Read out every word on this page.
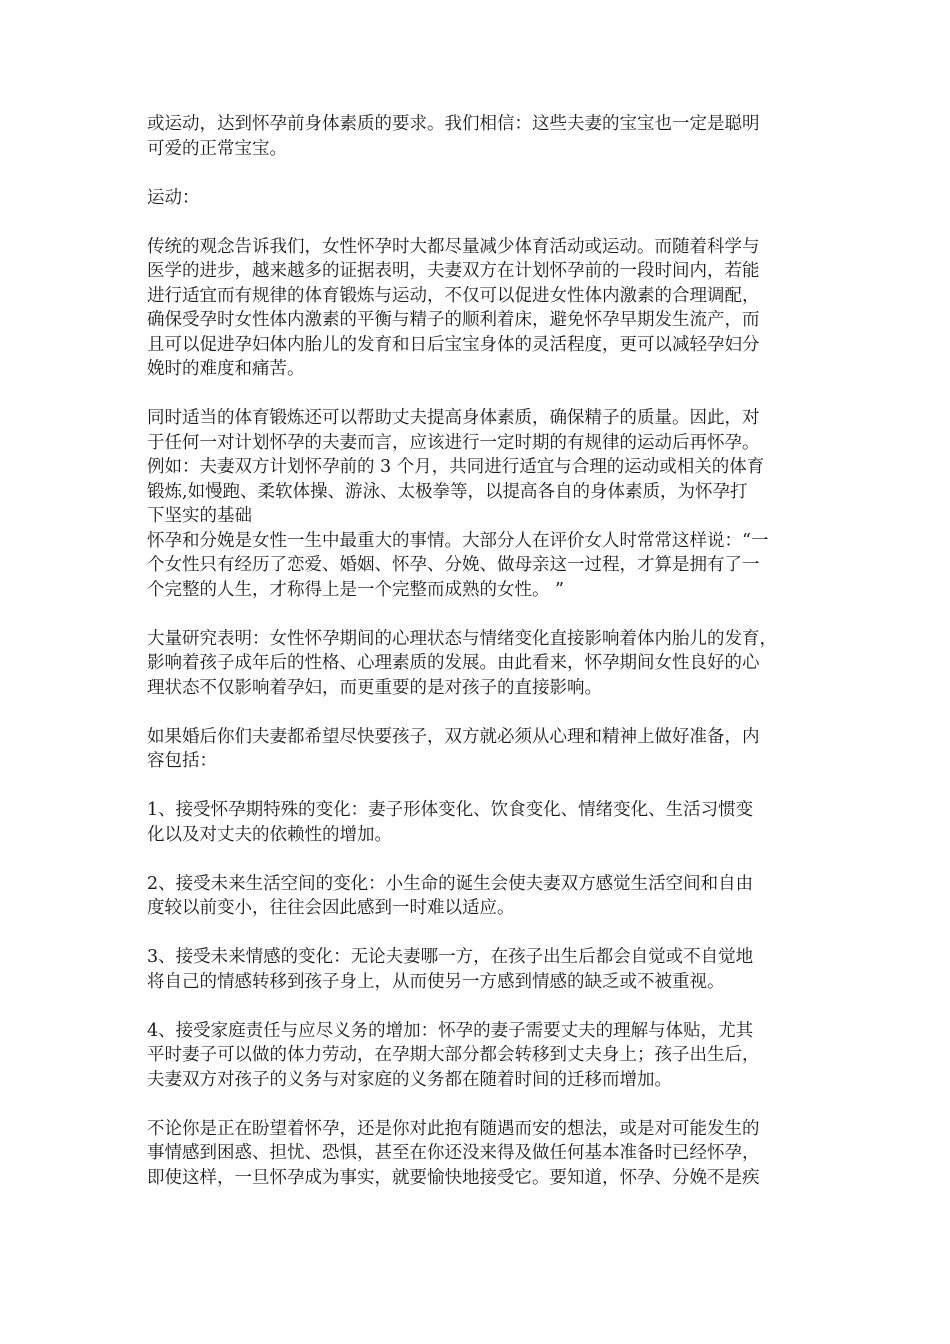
或运动，达到怀孕前身体素质的要求。我们相信：这些夫妻的宝宝也一定是聪明
可爱的正常宝宝。

运动：

传统的观念告诉我们，女性怀孕时大都尽量减少体育活动或运动。而随着科学与
医学的进步，越来越多的证据表明，夫妻双方在计划怀孕前的一段时间内，若能
进行适宜而有规律的体育锻炼与运动，不仅可以促进女性体内激素的合理调配，
确保受孕时女性体内激素的平衡与精子的顺利着床，避免怀孕早期发生流产，而
且可以促进孕妇体内胎儿的发育和日后宝宝身体的灵活程度，更可以减轻孕妇分
娩时的难度和痛苦。

同时适当的体育锻炼还可以帮助丈夫提高身体素质，确保精子的质量。因此，对
于任何一对计划怀孕的夫妻而言，应该进行一定时期的有规律的运动后再怀孕。
例如：夫妻双方计划怀孕前的 3 个月，共同进行适宜与合理的运动或相关的体育
锻炼,如慢跑、柔软体操、游泳、太极拳等，以提高各自的身体素质，为怀孕打
下坚实的基础

怀孕和分娩是女性一生中最重大的事情。大部分人在评价女人时常常这样说：“一
个女性只有经历了恋爱、婚姻、怀孕、分娩、做母亲这一过程，才算是拥有了一
个完整的人生，才称得上是一个完整而成熟的女性。 ”

大量研究表明：女性怀孕期间的心理状态与情绪变化直接影响着体内胎儿的发育，
影响着孩子成年后的性格、心理素质的发展。由此看来，怀孕期间女性良好的心
理状态不仅影响着孕妇，而更重要的是对孩子的直接影响。

如果婚后你们夫妻都希望尽快要孩子，双方就必须从心理和精神上做好准备，内
容包括：

1、接受怀孕期特殊的变化：妻子形体变化、饮食变化、情绪变化、生活习惯变
化以及对丈夫的依赖性的增加。

2、接受未来生活空间的变化：小生命的诞生会使夫妻双方感觉生活空间和自由
度较以前变小，往往会因此感到一时难以适应。

3、接受未来情感的变化：无论夫妻哪一方，在孩子出生后都会自觉或不自觉地
将自己的情感转移到孩子身上，从而使另一方感到情感的缺乏或不被重视。

4、接受家庭责任与应尽义务的增加：怀孕的妻子需要丈夫的理解与体贴，尤其
平时妻子可以做的体力劳动，在孕期大部分都会转移到丈夫身上；孩子出生后，
夫妻双方对孩子的义务与对家庭的义务都在随着时间的迁移而增加。

不论你是正在盼望着怀孕，还是你对此抱有随遇而安的想法，或是对可能发生的
事情感到困惑、担忧、恐惧，甚至在你还没来得及做任何基本准备时已经怀孕，
即使这样，一旦怀孕成为事实，就要愉快地接受它。要知道，怀孕、分娩不是疾
